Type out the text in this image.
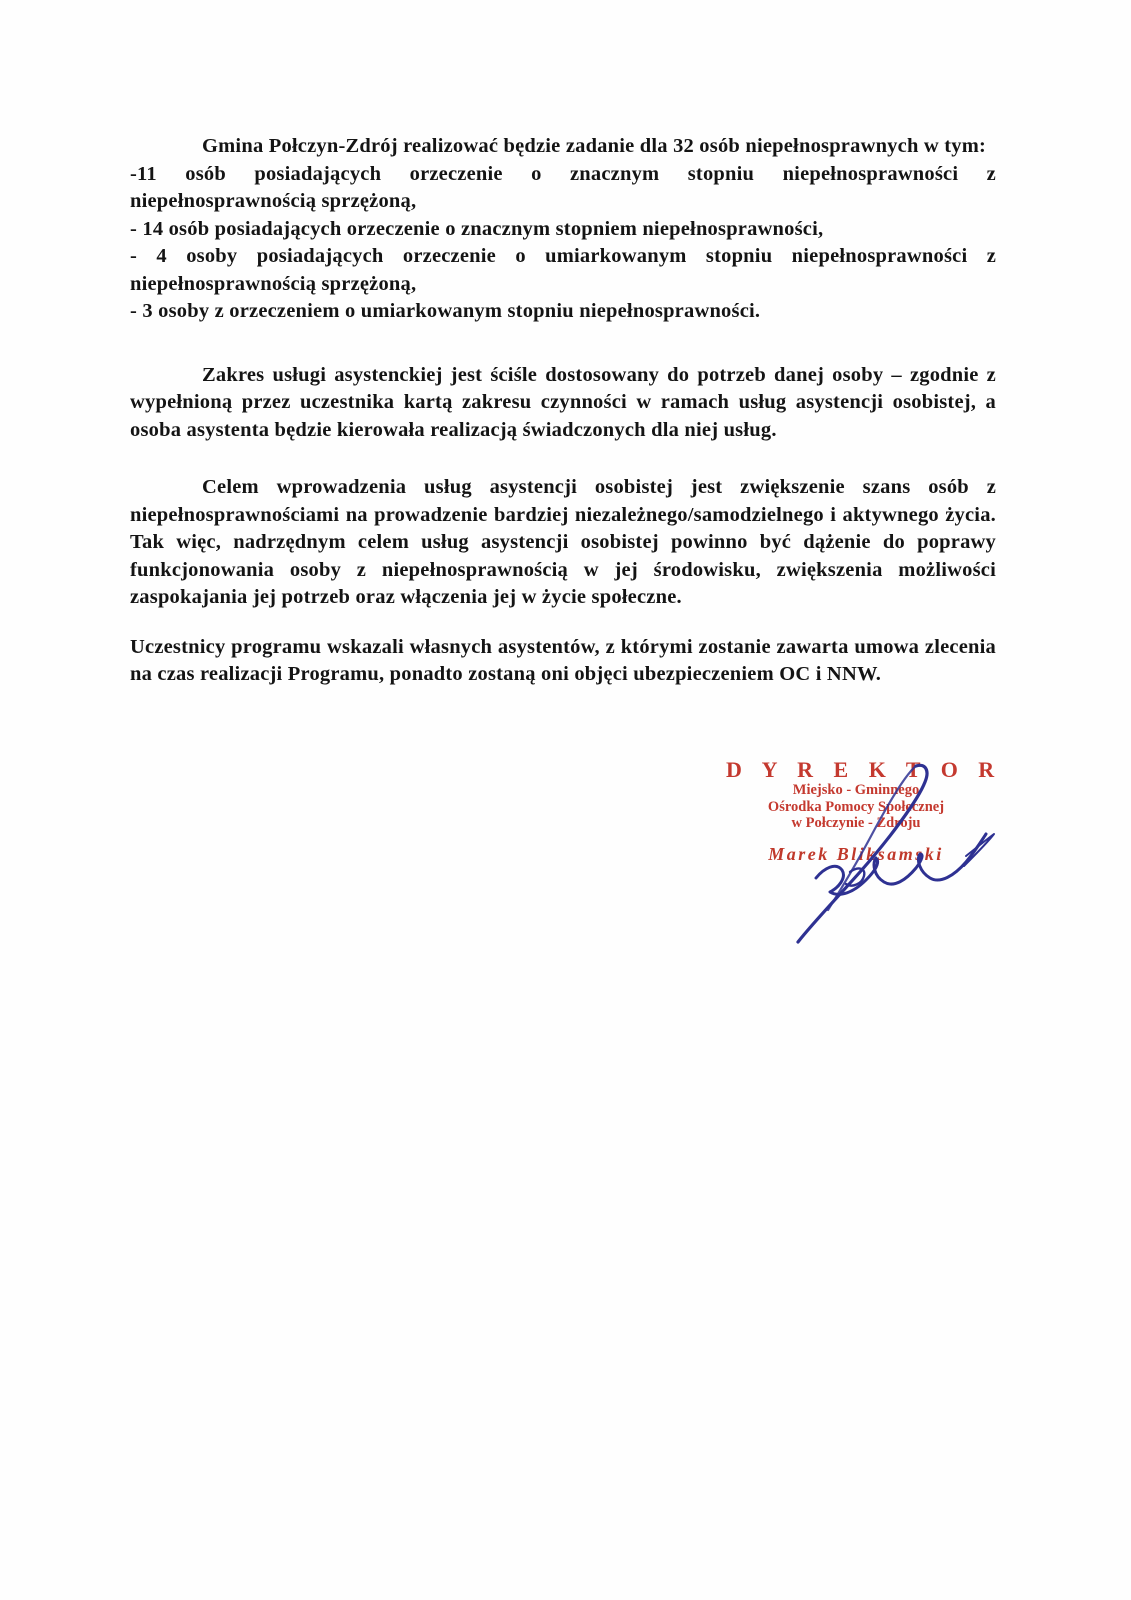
Gmina Połczyn-Zdrój realizować będzie zadanie dla 32 osób niepełnosprawnych w tym:

-11 osób posiadających orzeczenie o znacznym stopniu niepełnosprawności z niepełnosprawnością sprzężoną,

- 14 osób posiadających orzeczenie o znacznym stopniem niepełnosprawności,

- 4 osoby posiadających orzeczenie o umiarkowanym stopniu niepełnosprawności z niepełnosprawnością sprzężoną,

- 3 osoby z orzeczeniem o umiarkowanym stopniu niepełnosprawności.

Zakres usługi asystenckiej jest ściśle dostosowany do potrzeb danej osoby – zgodnie z wypełnioną przez uczestnika kartą zakresu czynności w ramach usług asystencji osobistej, a osoba asystenta będzie kierowała realizacją świadczonych dla niej usług.

Celem wprowadzenia usług asystencji osobistej jest zwiększenie szans osób z niepełnosprawnościami na prowadzenie bardziej niezależnego/samodzielnego i aktywnego życia. Tak więc, nadrzędnym celem usług asystencji osobistej powinno być dążenie do poprawy funkcjonowania osoby z niepełnosprawnością w jej środowisku, zwiększenia możliwości zaspokajania jej potrzeb oraz włączenia jej w życie społeczne.

Uczestnicy programu wskazali własnych asystentów, z którymi zostanie zawarta umowa zlecenia na czas realizacji Programu, ponadto zostaną oni objęci ubezpieczeniem OC i NNW.

D Y R E K T O R
Miejsko - Gminnego
Ośrodka Pomocy Społecznej
w Połczynie - Zdroju
Marek Bliksamski
